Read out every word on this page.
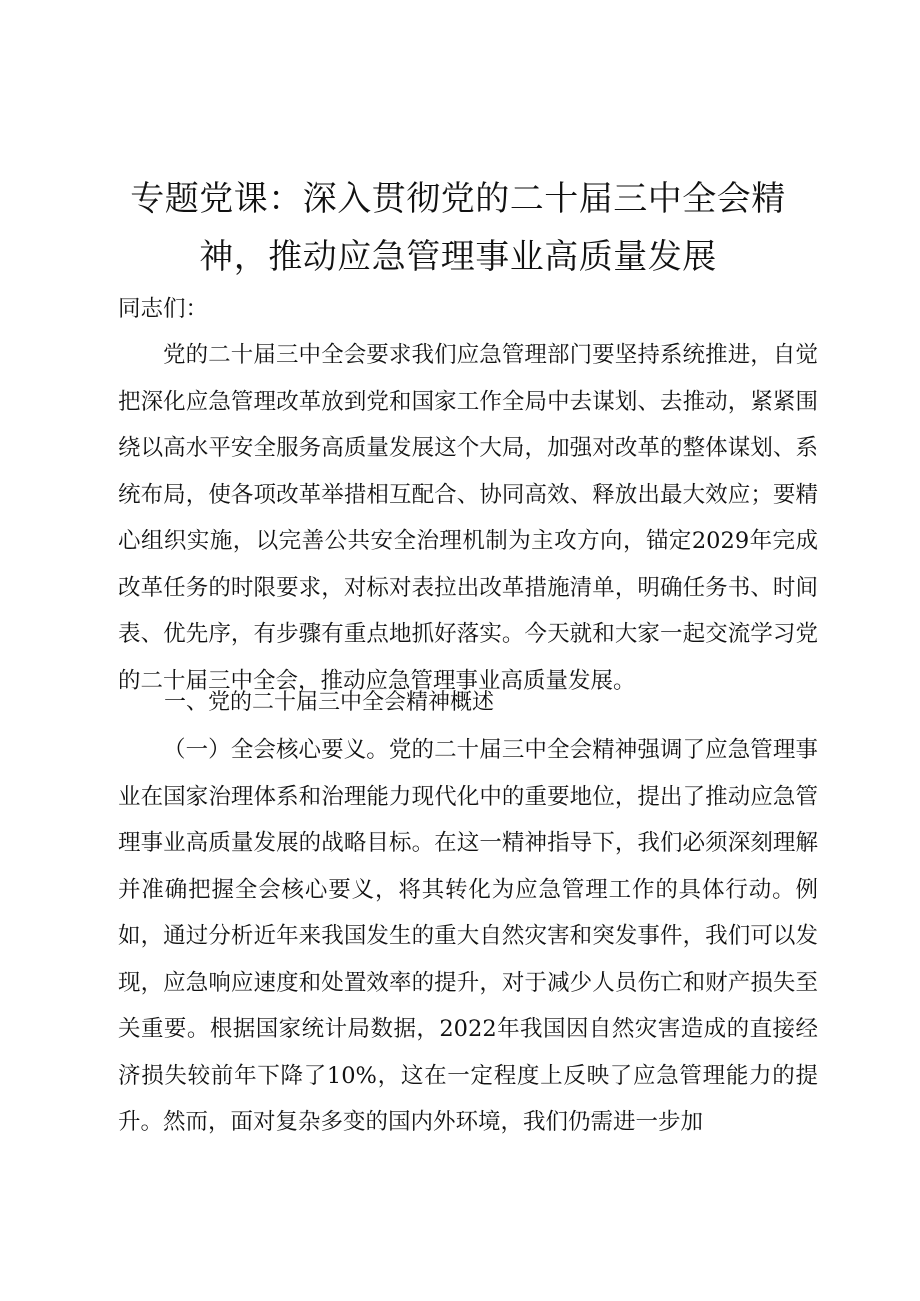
专题党课：深入贯彻党的二十届三中全会精神，推动应急管理事业高质量发展

同志们：

党的二十届三中全会要求我们应急管理部门要坚持系统推进，自觉把深化应急管理改革放到党和国家工作全局中去谋划、去推动，紧紧围绕以高水平安全服务高质量发展这个大局，加强对改革的整体谋划、系统布局，使各项改革举措相互配合、协同高效、释放出最大效应；要精心组织实施，以完善公共安全治理机制为主攻方向，锚定2029年完成改革任务的时限要求，对标对表拉出改革措施清单，明确任务书、时间表、优先序，有步骤有重点地抓好落实。今天就和大家一起交流学习党的二十届三中全会，推动应急管理事业高质量发展。

一、党的二十届三中全会精神概述

（一）全会核心要义。党的二十届三中全会精神强调了应急管理事业在国家治理体系和治理能力现代化中的重要地位，提出了推动应急管理事业高质量发展的战略目标。在这一精神指导下，我们必须深刻理解并准确把握全会核心要义，将其转化为应急管理工作的具体行动。例如，通过分析近年来我国发生的重大自然灾害和突发事件，我们可以发现，应急响应速度和处置效率的提升，对于减少人员伤亡和财产损失至关重要。根据国家统计局数据，2022年我国因自然灾害造成的直接经济损失较前年下降了10%，这在一定程度上反映了应急管理能力的提升。然而，面对复杂多变的国内外环境，我们仍需进一步加
